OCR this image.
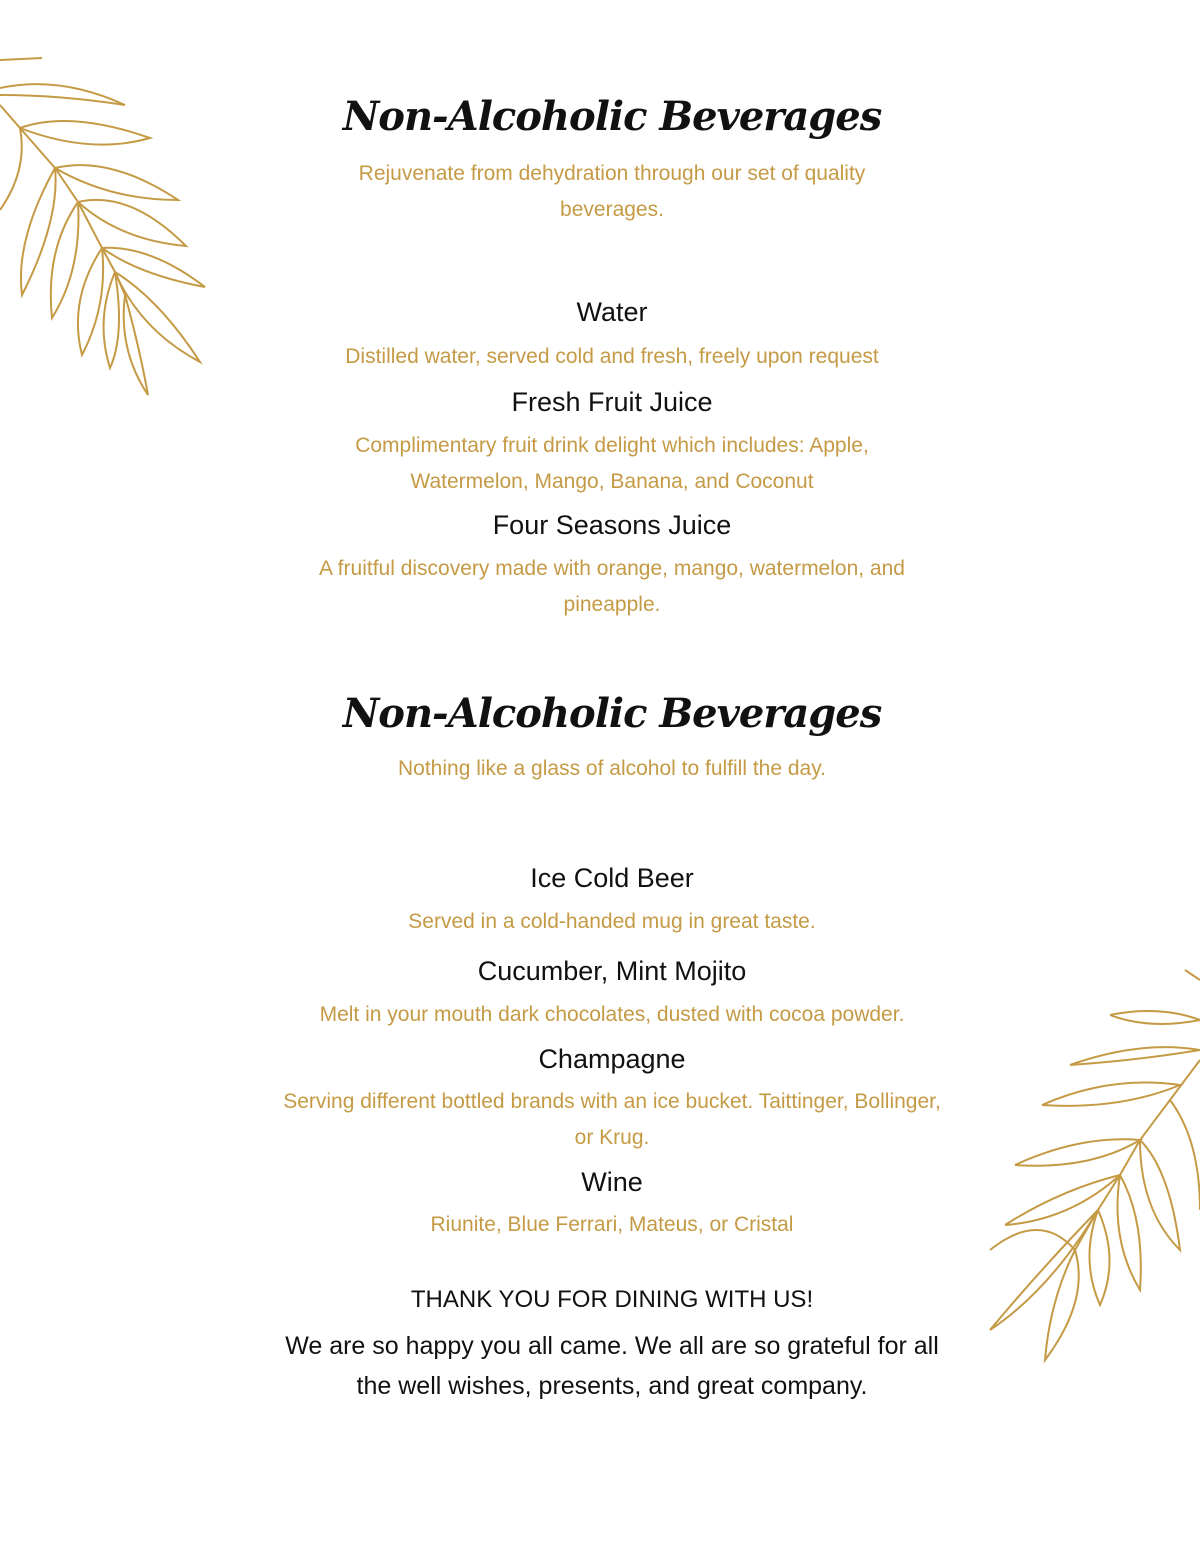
Non-Alcoholic Beverages

Rejuvenate from dehydration through our set of quality beverages.

Water

Distilled water, served cold and fresh, freely upon request

Fresh Fruit Juice

Complimentary fruit drink delight which includes: Apple, Watermelon, Mango, Banana, and Coconut

Four Seasons Juice

A fruitful discovery made with orange, mango, watermelon, and pineapple.

Non-Alcoholic Beverages

Nothing like a glass of alcohol to fulfill the day.

Ice Cold Beer

Served in a cold-handed mug in great taste.

Cucumber, Mint Mojito

Melt in your mouth dark chocolates, dusted with cocoa powder.

Champagne

Serving different bottled brands with an ice bucket. Taittinger, Bollinger, or Krug.

Wine

Riunite, Blue Ferrari, Mateus, or Cristal

THANK YOU FOR DINING WITH US!

We are so happy you all came. We all are so grateful for all the well wishes, presents, and great company.
